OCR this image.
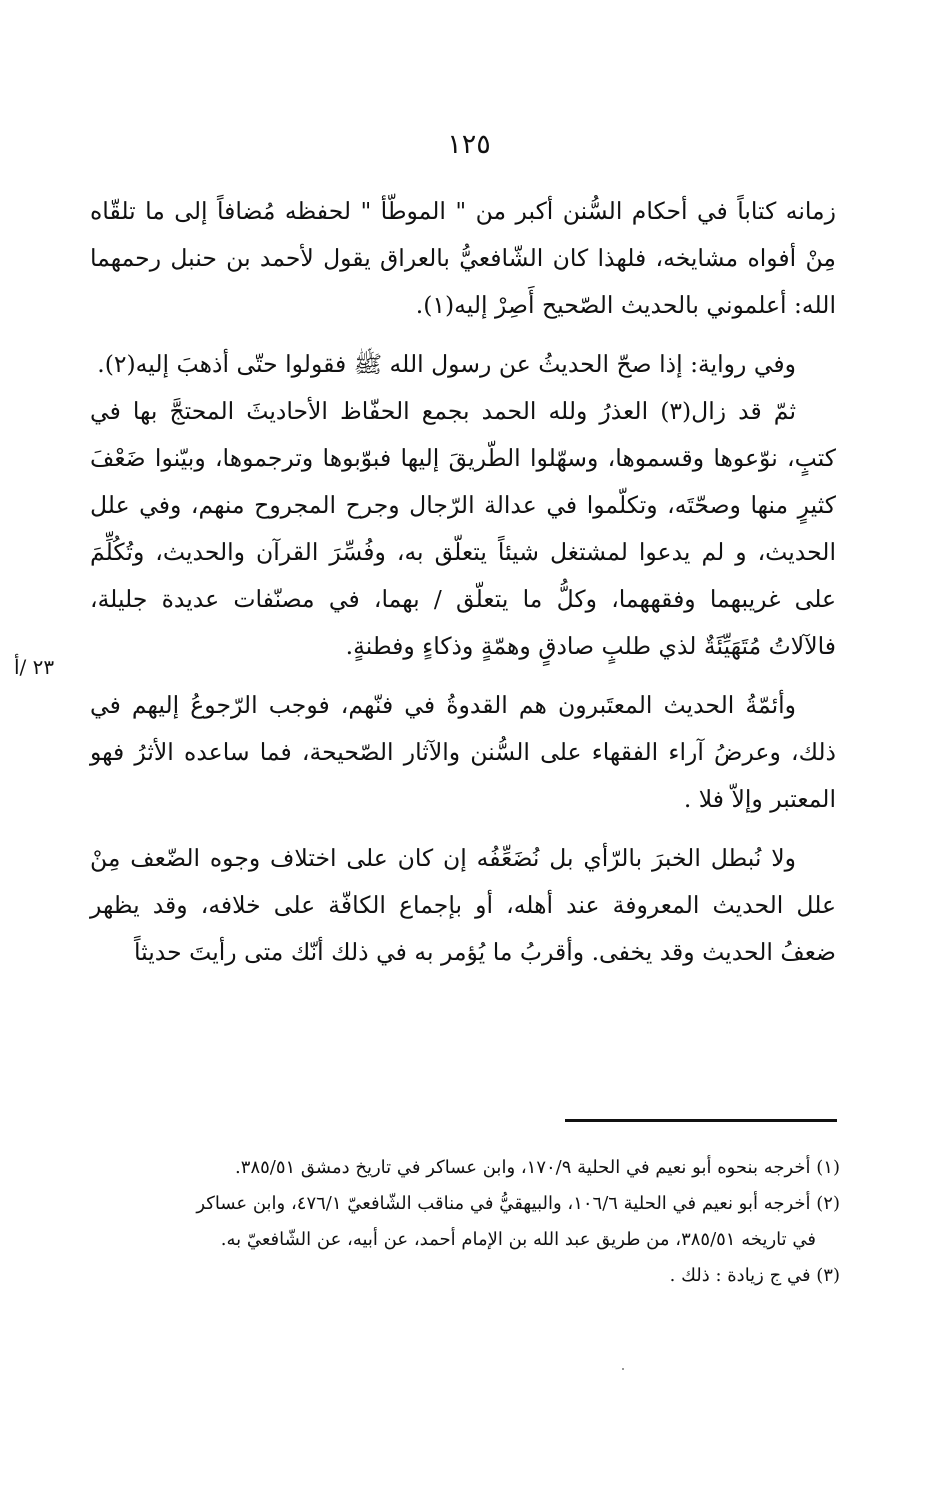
١٢٥

زمانه كتاباً في أحكام السُّنن أكبر من " الموطّأ " لحفظه مُضافاً إلى ما تلقّاه مِنْ أفواه مشايخه، فلهذا كان الشّافعيُّ بالعراق يقول لأحمد بن حنبل رحمهما الله: أعلموني بالحديث الصّحيح أَصِرْ إليه(١).

وفي رواية: إذا صحّ الحديثُ عن رسول الله ﷺ فقولوا حتّى أذهبَ إليه(٢).

ثمّ قد زال(٣) العذرُ ولله الحمد بجمع الحفّاظ الأحاديثَ المحتجَّ بها في كتبٍ، نوّعوها وقسموها، وسهّلوا الطّريقَ إليها فبوّبوها وترجموها، وبيّنوا ضَعْفَ كثيرٍ منها وصحّتَه، وتكلّموا في عدالة الرّجال وجرح المجروح منهم، وفي علل الحديث، و لم يدعوا لمشتغل شيئاً يتعلّق به، وفُسِّرَ القرآن والحديث، وتُكُلِّمَ على غريبهما وفقههما، وكلُّ ما يتعلّق / بهما، في مصنّفات عديدة جليلة، فالآلاتُ مُتَهَيِّئَةٌ لذي طلبٍ صادقٍ وهمّةٍ وذكاءٍ وفطنةٍ.

وأئمّةُ الحديث المعتَبرون هم القدوةُ في فنّهم، فوجب الرّجوعُ إليهم في ذلك، وعرضُ آراء الفقهاء على السُّنن والآثار الصّحيحة، فما ساعده الأثرُ فهو المعتبر وإلاّ فلا .

ولا نُبطل الخبرَ بالرّأي بل نُضَعِّفُه إن كان على اختلاف وجوه الضّعف مِنْ علل الحديث المعروفة عند أهله، أو بإجماع الكافّة على خلافه، وقد يظهر ضعفُ الحديث وقد يخفى. وأقربُ ما يُؤمر به في ذلك أنّك متى رأيتَ حديثاً

٢٣ /أ

(١) أخرجه بنحوه أبو نعيم في الحلية ١٧٠/٩، وابن عساكر في تاريخ دمشق ٣٨٥/٥١.

(٢) أخرجه أبو نعيم في الحلية ١٠٦/٦، والبيهقيُّ في مناقب الشّافعيّ ٤٧٦/١، وابن عساكر

في تاريخه ٣٨٥/٥١، من طريق عبد الله بن الإمام أحمد، عن أبيه، عن الشّافعيّ به.

(٣) في ج زيادة : ذلك .
